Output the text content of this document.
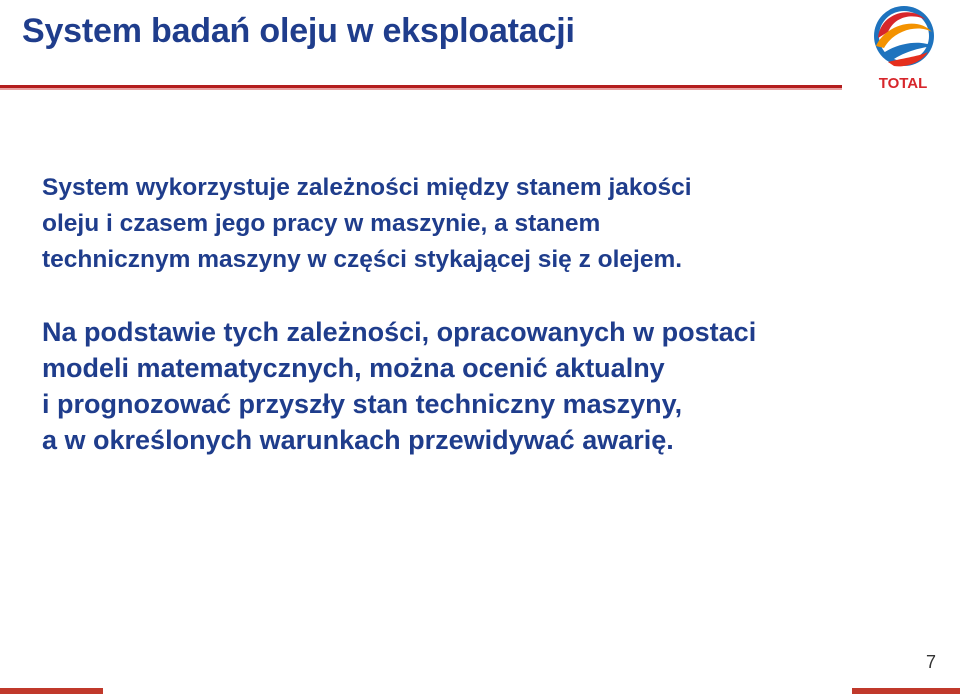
System badań oleju w eksploatacji
TOTAL
System wykorzystuje zależności między stanem jakości
oleju i czasem jego pracy w maszynie, a stanem
technicznym maszyny w części stykającej się z olejem.
Na podstawie tych zależności, opracowanych w postaci
modeli matematycznych, można ocenić aktualny
i prognozować przyszły stan techniczny maszyny,
a w określonych warunkach przewidywać awarię.
7
